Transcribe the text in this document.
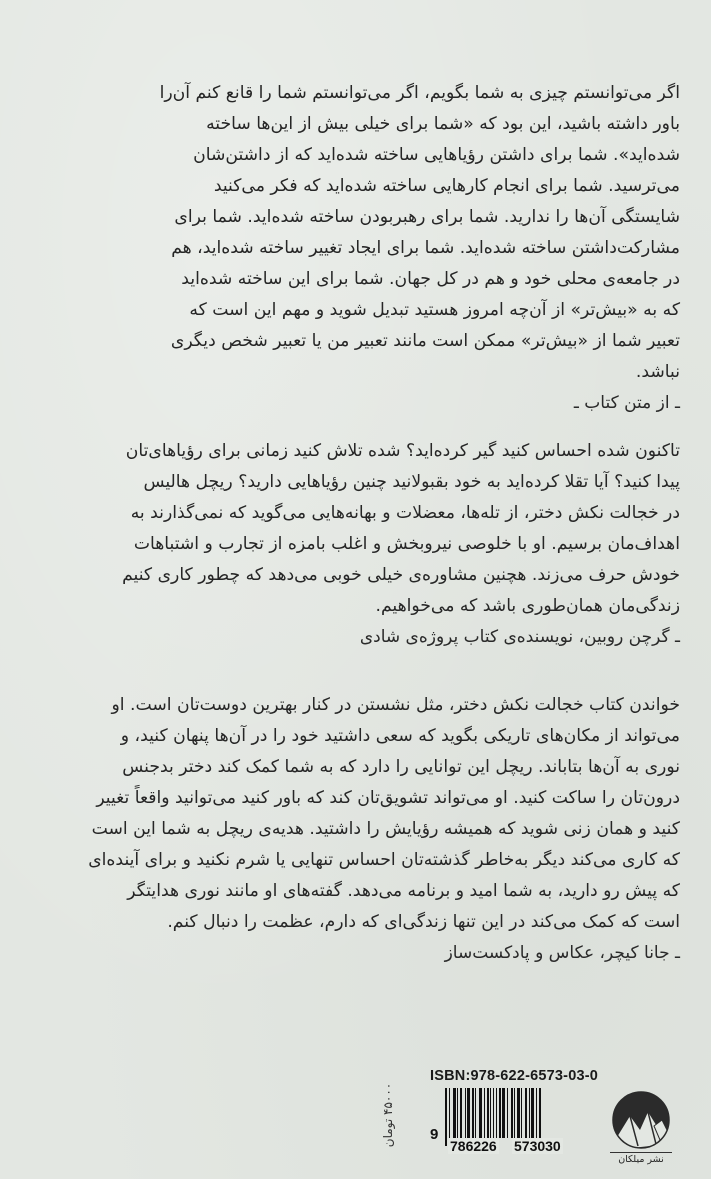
اگر می‌توانستم چیزی به شما بگویم، اگر می‌توانستم شما را قانع کنم آن‌را

باور داشته باشید، این بود که «شما برای خیلی بیش از این‌ها ساخته

شده‌اید». شما برای داشتن رؤیاهایی ساخته شده‌اید که از داشتن‌شان

می‌ترسید. شما برای انجام کارهایی ساخته شده‌اید که فکر می‌کنید

شایستگی آن‌ها را ندارید. شما برای رهبربودن ساخته شده‌اید. شما برای

مشارکت‌داشتن ساخته شده‌اید. شما برای ایجاد تغییر ساخته شده‌اید، هم

در جامعه‌ی محلی خود و هم در کل جهان. شما برای این ساخته شده‌اید

که به «بیش‌تر» از آن‌چه امروز هستید تبدیل شوید و مهم این است که

تعبیر شما از «بیش‌تر» ممکن است مانند تعبیر من یا تعبیر شخص دیگری

نباشد.

ـ از متن کتاب ـ

تاکنون شده احساس کنید گیر کرده‌اید؟ شده تلاش کنید زمانی برای رؤیاهای‌تان

پیدا کنید؟ آیا تقلا کرده‌اید به خود بقبولانید چنین رؤیاهایی دارید؟ ریچل هالیس

در خجالت نکش دختر، از تله‌ها، معضلات و بهانه‌هایی می‌گوید که نمی‌گذارند به

اهداف‌مان برسیم. او با خلوصی نیروبخش و اغلب بامزه از تجارب و اشتباهات

خودش حرف می‌زند. هچنین مشاوره‌ی خیلی خوبی می‌دهد که چطور کاری کنیم

زندگی‌مان همان‌طوری باشد که می‌خواهیم.

ـ گرچن روبین، نویسنده‌ی کتاب پروژه‌ی شادی

خواندن کتاب خجالت نکش دختر، مثل نشستن در کنار بهترین دوست‌تان است. او

می‌تواند از مکان‌های تاریکی بگوید که سعی داشتید خود را در آن‌ها پنهان کنید، و

نوری به آن‌ها بتاباند. ریچل این توانایی را دارد که به شما کمک کند دختر بدجنس

درون‌تان را ساکت کنید. او می‌تواند تشویق‌تان کند که باور کنید می‌توانید واقعاً تغییر

کنید و همان زنی شوید که همیشه رؤیایش را داشتید. هدیه‌ی ریچل به شما این است

که کاری می‌کند دیگر به‌خاطر گذشته‌تان احساس تنهایی یا شرم نکنید و برای آینده‌ای

که پیش رو دارید، به شما امید و برنامه می‌دهد. گفته‌های او مانند نوری هدایتگر

است که کمک می‌کند در این تنها زندگی‌ای که دارم، عظمت را دنبال کنم.

ـ جانا کیچر، عکاس و پادکست‌ساز
۴۵۰۰۰ تومان
ISBN:978-622-6573-03-0
9
786226 573030
نشر میلکان
